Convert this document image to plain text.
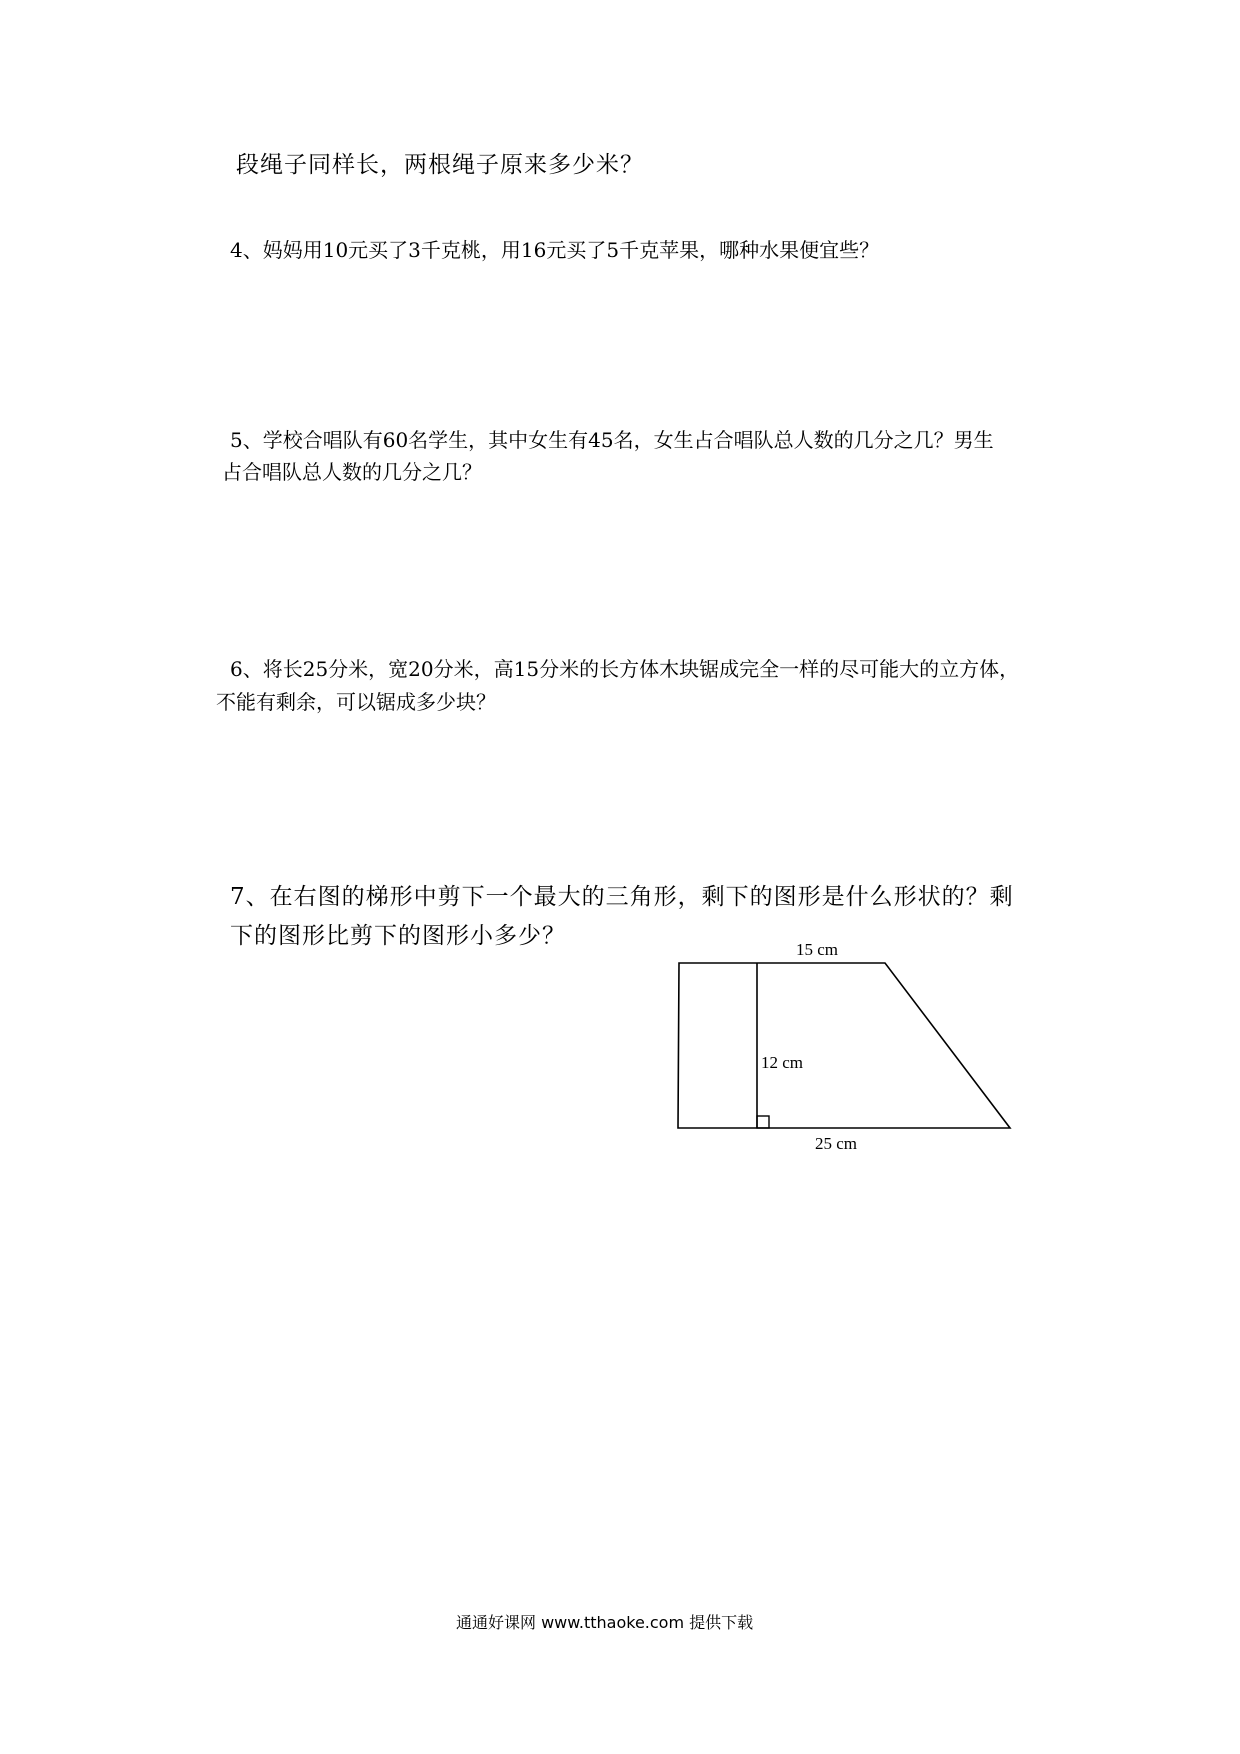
段绳子同样长，两根绳子原来多少米？
4、妈妈用10元买了3千克桃，用16元买了5千克苹果，哪种水果便宜些？
5、学校合唱队有60名学生，其中女生有45名，女生占合唱队总人数的几分之几？男生
占合唱队总人数的几分之几？
6、将长25分米，宽20分米，高15分米的长方体木块锯成完全一样的尽可能大的立方体，
不能有剩余，可以锯成多少块？
7、在右图的梯形中剪下一个最大的三角形，剩下的图形是什么形状的？剩
下的图形比剪下的图形小多少？
15 cm
12 cm
25 cm
通通好课网 www.tthaoke.com 提供下载
